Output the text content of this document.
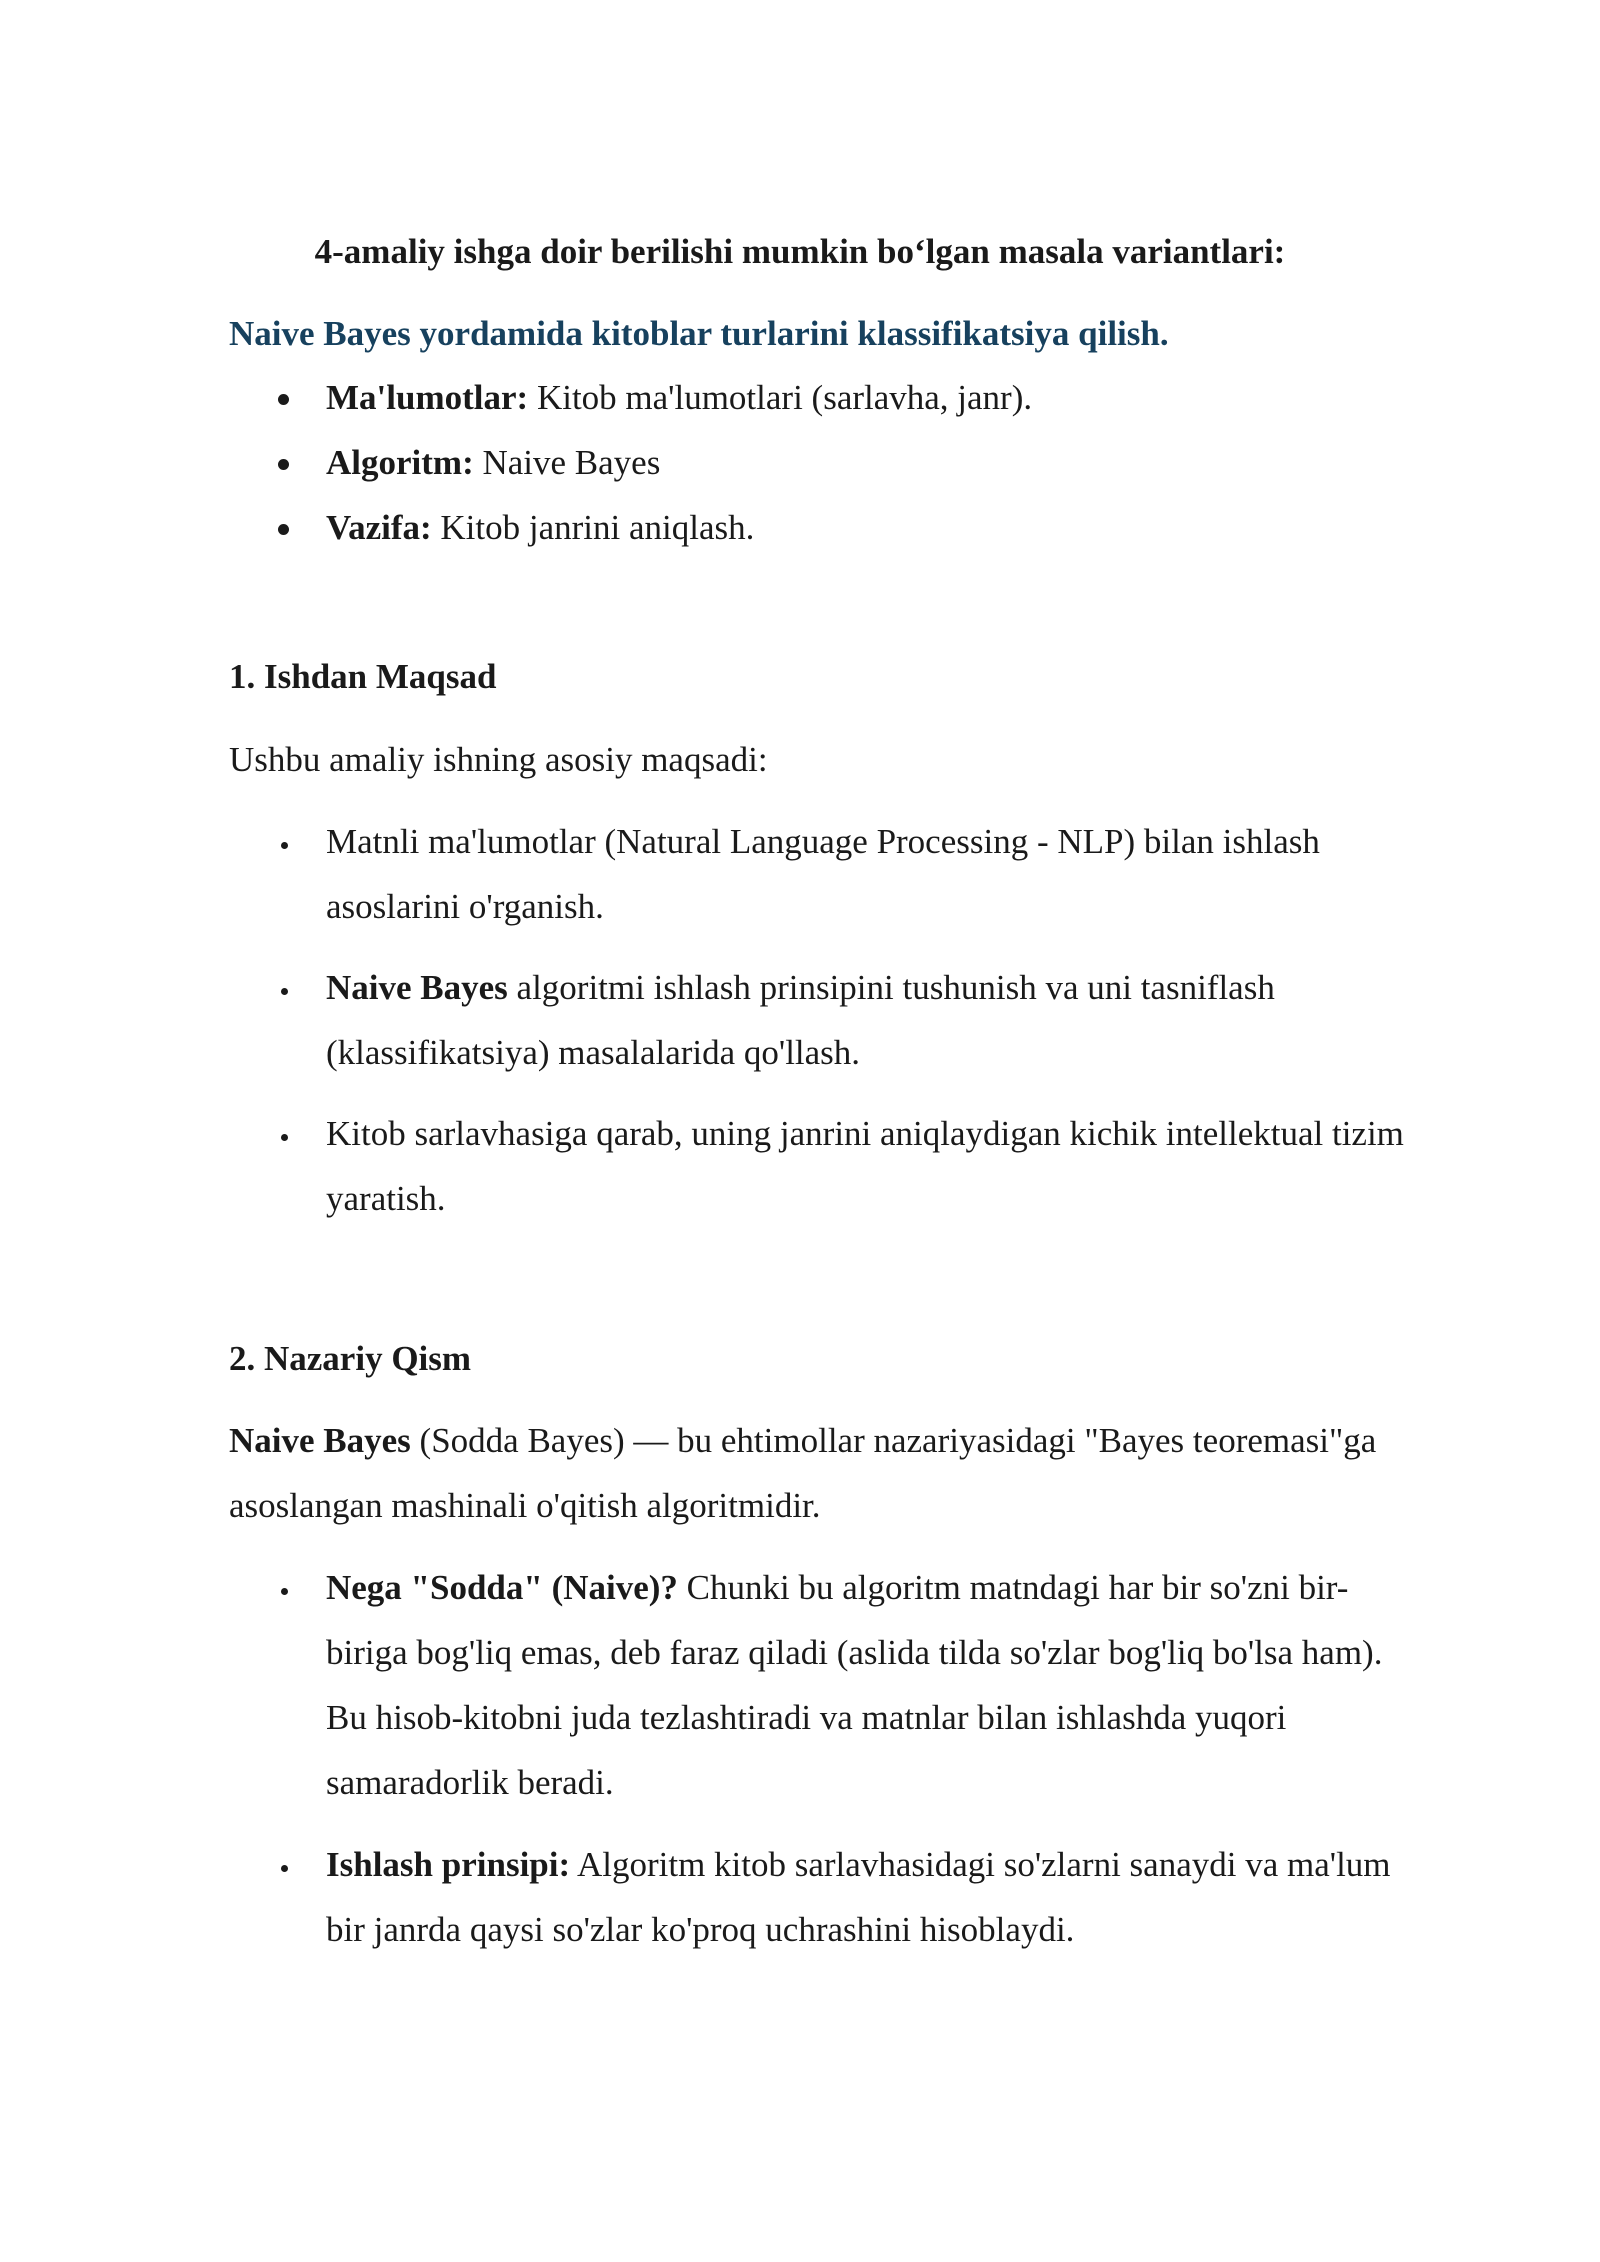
4-amaliy ishga doir berilishi mumkin bo‘lgan masala variantlari:

Naive Bayes yordamida kitoblar turlarini klassifikatsiya qilish.

Ma'lumotlar: Kitob ma'lumotlari (sarlavha, janr).

Algoritm: Naive Bayes

Vazifa: Kitob janrini aniqlash.

1. Ishdan Maqsad

Ushbu amaliy ishning asosiy maqsadi:

Matnli ma'lumotlar (Natural Language Processing - NLP) bilan ishlash

asoslarini o'rganish.

Naive Bayes algoritmi ishlash prinsipini tushunish va uni tasniflash

(klassifikatsiya) masalalarida qo'llash.

Kitob sarlavhasiga qarab, uning janrini aniqlaydigan kichik intellektual tizim

yaratish.

2. Nazariy Qism

Naive Bayes (Sodda Bayes) — bu ehtimollar nazariyasidagi "Bayes teoremasi"ga

asoslangan mashinali o'qitish algoritmidir.

Nega "Sodda" (Naive)? Chunki bu algoritm matndagi har bir so'zni bir-

biriga bog'liq emas, deb faraz qiladi (aslida tilda so'zlar bog'liq bo'lsa ham).

Bu hisob-kitobni juda tezlashtiradi va matnlar bilan ishlashda yuqori

samaradorlik beradi.

Ishlash prinsipi: Algoritm kitob sarlavhasidagi so'zlarni sanaydi va ma'lum

bir janrda qaysi so'zlar ko'proq uchrashini hisoblaydi.
